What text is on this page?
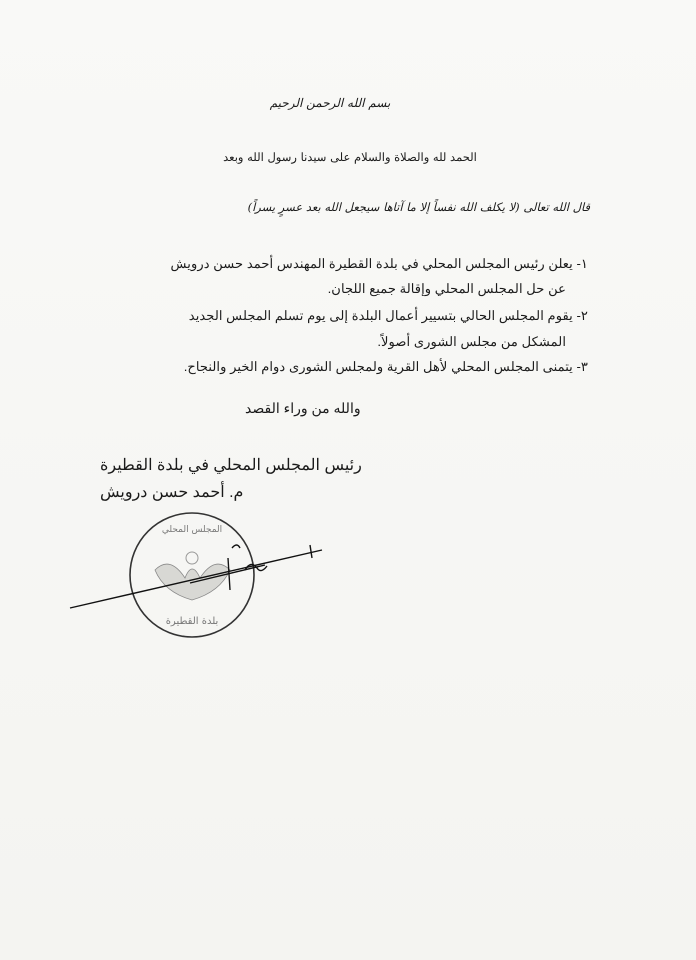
بسم الله الرحمن الرحيم
الحمد لله والصلاة والسلام على سيدنا رسول الله وبعد
قال الله تعالى (لا يكلف الله نفساً إلا ما آتاها سيجعل الله بعد عسرٍ يسراً)
١- يعلن رئيس المجلس المحلي في بلدة القطيرة المهندس أحمد حسن درويش
عن حل المجلس المحلي وإقالة جميع اللجان.
٢- يقوم المجلس الحالي بتسيير أعمال البلدة إلى يوم تسلم المجلس الجديد
المشكل من مجلس الشورى أصولاً.
٣- يتمنى المجلس المحلي لأهل القرية ولمجلس الشورى دوام الخير والنجاح.
والله من وراء القصد
رئيس المجلس المحلي في بلدة القطيرة
م. أحمد حسن درويش
المجلس المحلي
بلدة القطيرة
